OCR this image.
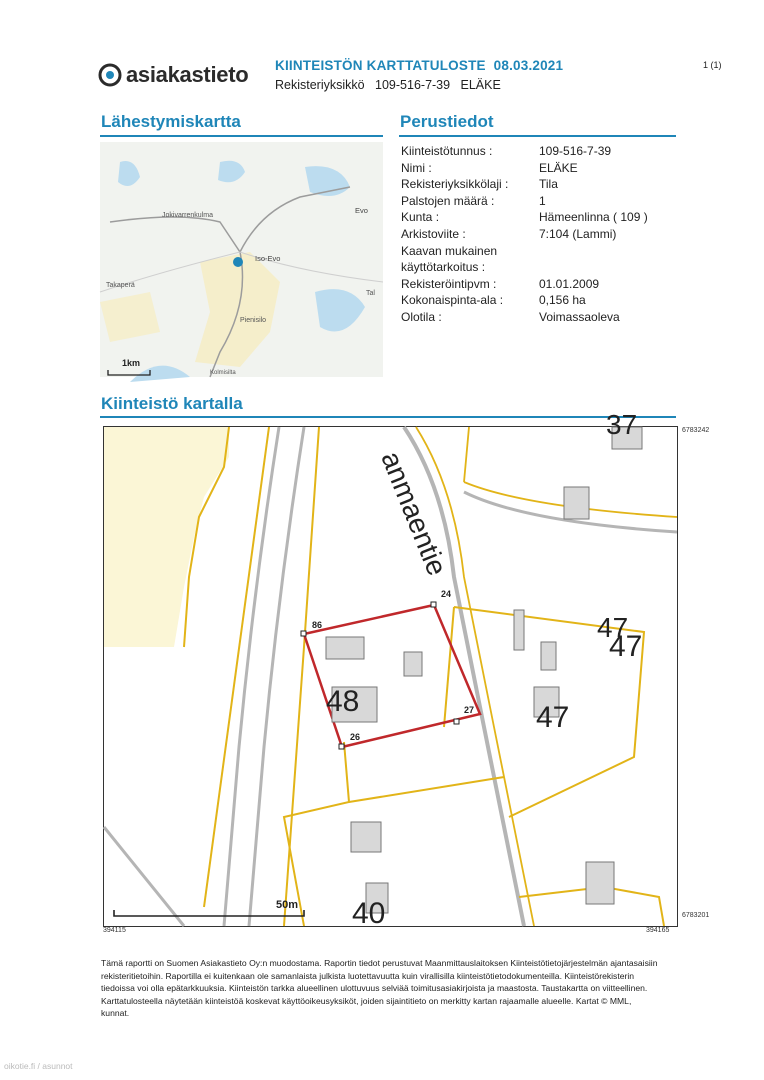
asiakastieto KIINTEISTÖN KARTTATULOSTE 08.03.2021
Rekisteriyksikkö 109-516-7-39 ELÄKE
1 (1)
Lähestymiskartta	Perustiedot
Kiinteistötunnus :	109-516-7-39
Nimi :	ELÄKE
Rekisteriyksikkölaji :	Tila
Palstojen määrä :	1
Kunta :	Hämeenlinna ( 109 )
Arkistoviite :	7:104 (Lammi)
Kaavan mukainen
käyttötarkoitus :
Rekisteröintipvm :	01.01.2009
Kokonaispinta-ala :	0,156 ha
Olotila :	Voimassaoleva
Jokivarrenkulma
Iso-Evo
Evo
Takaperä
Pienisilo
Kolmisilta
Tal
1km
Kiinteistö kartalla
anmaentie
48
47
47
47
37
40
24
86
27
26
50m
6783242
6783201
394115	394165
Tämä raportti on Suomen Asiakastieto Oy:n muodostama. Raportin tiedot perustuvat Maanmittauslaitoksen Kiinteistötietojärjestelmän ajantasaisiin rekisteritietoihin. Raportilla ei kuitenkaan ole samanlaista julkista luotettavuutta kuin virallisilla kiinteistötietodokumenteilla. Kiinteistörekisterin tiedoissa voi olla epätarkkuuksia. Kiinteistön tarkka alueellinen ulottuvuus selviää toimitusasiakirjoista ja maastosta. Taustakartta on viitteellinen. Karttatulosteella näytetään kiinteistöä koskevat käyttöoikeusyksiköt, joiden sijaintitieto on merkitty kartan rajaamalle alueelle. Kartat © MML, kunnat.
oikotie.fi / asunnot
